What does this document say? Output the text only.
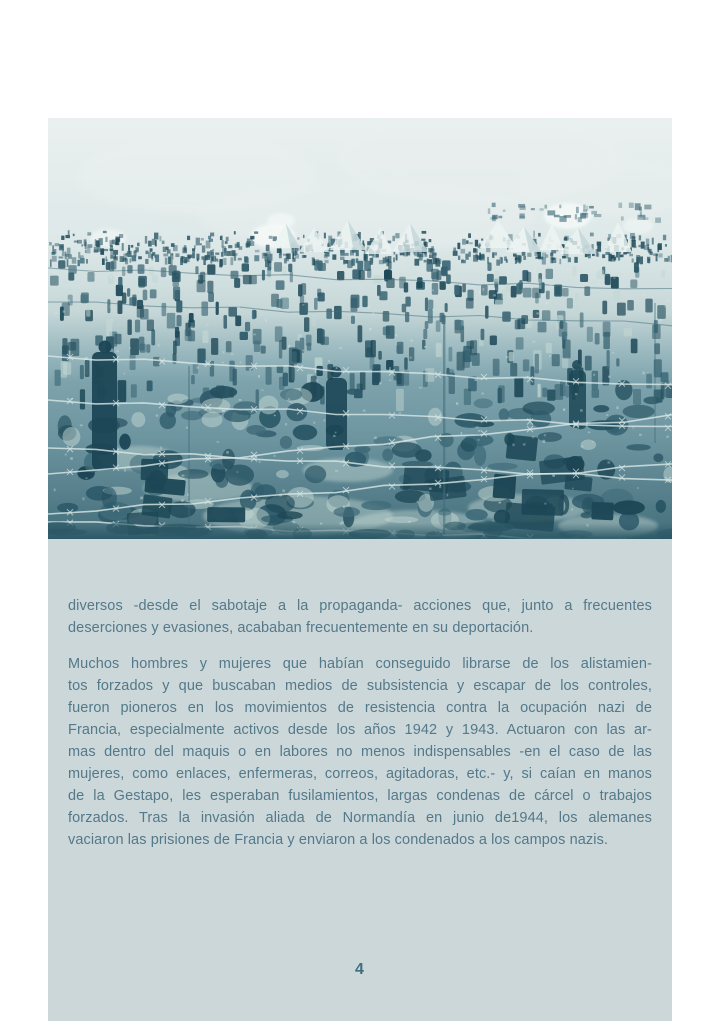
diversos -desde el sabotaje a la propaganda- acciones que, junto a frecuentes
deserciones y evasiones, acababan frecuentemente en su deportación.
Muchos hombres y mujeres que habían conseguido librarse de los alistamien-
tos forzados y que buscaban medios de subsistencia y escapar de los controles,
fueron pioneros en los movimientos de resistencia contra la ocupación nazi de
Francia, especialmente activos desde los años 1942 y 1943. Actuaron con las ar-
mas dentro del maquis o en labores no menos indispensables -en el caso de las
mujeres, como enlaces, enfermeras, correos, agitadoras, etc.- y, si caían en manos
de la Gestapo, les esperaban fusilamientos, largas condenas de cárcel o trabajos
forzados. Tras la invasión aliada de Normandía en junio de1944, los alemanes
vaciaron las prisiones de Francia y enviaron a los condenados a los campos nazis.
4
